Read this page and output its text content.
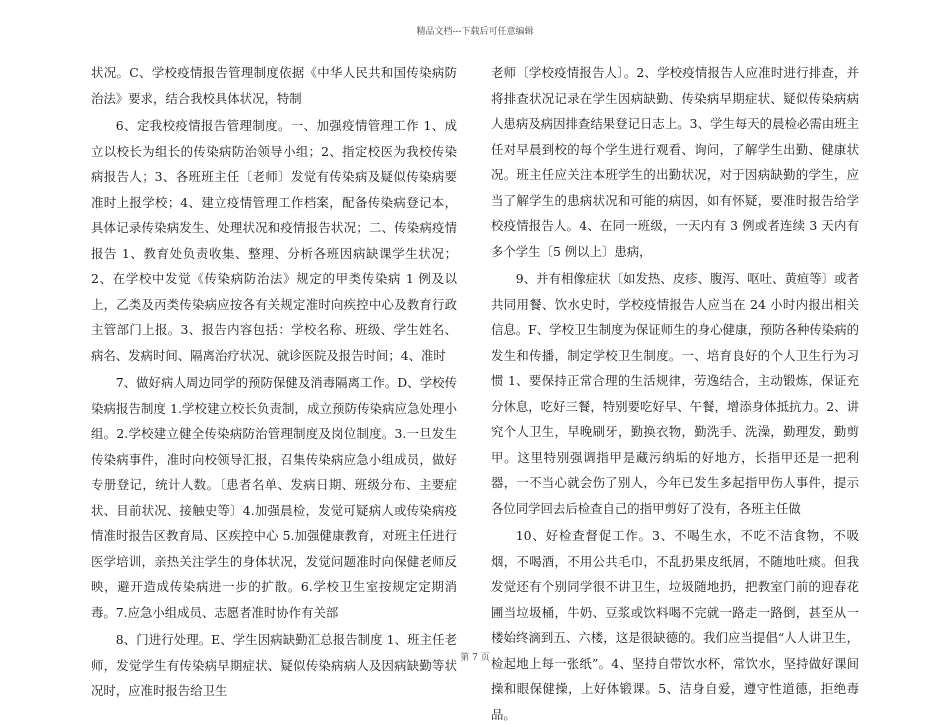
精品文档---下载后可任意编辑

状况。C、学校疫情报告管理制度依据《中华人民共和国传染病防治法》要求，结合我校具体状况，特制

6、定我校疫情报告管理制度。一、加强疫情管理工作 1、成立以校长为组长的传染病防治领导小组；2、指定校医为我校传染病报告人；3、各班班主任〔老师〕发觉有传染病及疑似传染病要准时上报学校；4、建立疫情管理工作档案，配备传染病登记本，具体记录传染病发生、处理状况和疫情报告状况；二、传染病疫情报告 1、教育处负责收集、整理、分析各班因病缺课学生状况；2、在学校中发觉《传染病防治法》规定的甲类传染病 1 例及以上，乙类及丙类传染病应按各有关规定准时向疾控中心及教育行政主管部门上报。3、报告内容包括：学校名称、班级、学生姓名、病名、发病时间、隔离治疗状况、就诊医院及报告时间；4、准时

7、做好病人周边同学的预防保健及消毒隔离工作。D、学校传染病报告制度 1.学校建立校长负责制，成立预防传染病应急处理小组。2.学校建立健全传染病防治管理制度及岗位制度。3.一旦发生传染病事件，准时向校领导汇报，召集传染病应急小组成员，做好专册登记，统计人数。〔患者名单、发病日期、班级分布、主要症状、目前状况、接触史等〕4.加强晨检，发觉可疑病人或传染病疫情准时报告区教育局、区疾控中心 5.加强健康教育，对班主任进行医学培训，亲热关注学生的身体状况，发觉问题准时向保健老师反映，避开造成传染病进一步的扩散。6.学校卫生室按规定定期消毒。7.应急小组成员、志愿者准时协作有关部

8、门进行处理。E、学生因病缺勤汇总报告制度 1、班主任老师，发觉学生有传染病早期症状、疑似传染病病人及因病缺勤等状况时，应准时报告给卫生

老师〔学校疫情报告人〕。2、学校疫情报告人应准时进行排查，并将排查状况记录在学生因病缺勤、传染病早期症状、疑似传染病病人患病及病因排查结果登记日志上。3、学生每天的晨检必需由班主任对早晨到校的每个学生进行观看、询问，了解学生出勤、健康状况。班主任应关注本班学生的出勤状况，对于因病缺勤的学生，应当了解学生的患病状况和可能的病因，如有怀疑，要准时报告给学校疫情报告人。4、在同一班级，一天内有 3 例或者连续 3 天内有多个学生〔5 例以上〕患病，

9、并有相像症状〔如发热、皮疹、腹泻、呕吐、黄疸等〕或者共同用餐、饮水史时，学校疫情报告人应当在 24 小时内报出相关信息。F、学校卫生制度为保证师生的身心健康，预防各种传染病的发生和传播，制定学校卫生制度。一、培育良好的个人卫生行为习惯 1、要保持正常合理的生活规律，劳逸结合，主动锻炼，保证充分休息，吃好三餐，特别要吃好早、午餐，增添身体抵抗力。2、讲究个人卫生，早晚刷牙，勤换衣物，勤洗手、洗澡，勤理发，勤剪甲。这里特别强调指甲是藏污纳垢的好地方，长指甲还是一把利器，一不当心就会伤了别人，今年已发生多起指甲伤人事件，提示各位同学回去后检查自己的指甲剪好了没有，各班主任做

10、好检查督促工作。3、不喝生水，不吃不洁食物，不吸烟，不喝酒，不用公共毛巾，不乱扔果皮纸屑，不随地吐痰。但我发觉还有个别同学很不讲卫生，垃圾随地扔，把教室门前的迎春花圃当垃圾桶，牛奶、豆浆或饮料喝不完就一路走一路倒，甚至从一楼始终滴到五、六楼，这是很缺德的。我们应当提倡“人人讲卫生，检起地上每一张纸”。4、坚持自带饮水杯，常饮水，坚持做好课间操和眼保健操，上好体锻课。5、洁身自爱，遵守性道德，拒绝毒品。

第 7 页
